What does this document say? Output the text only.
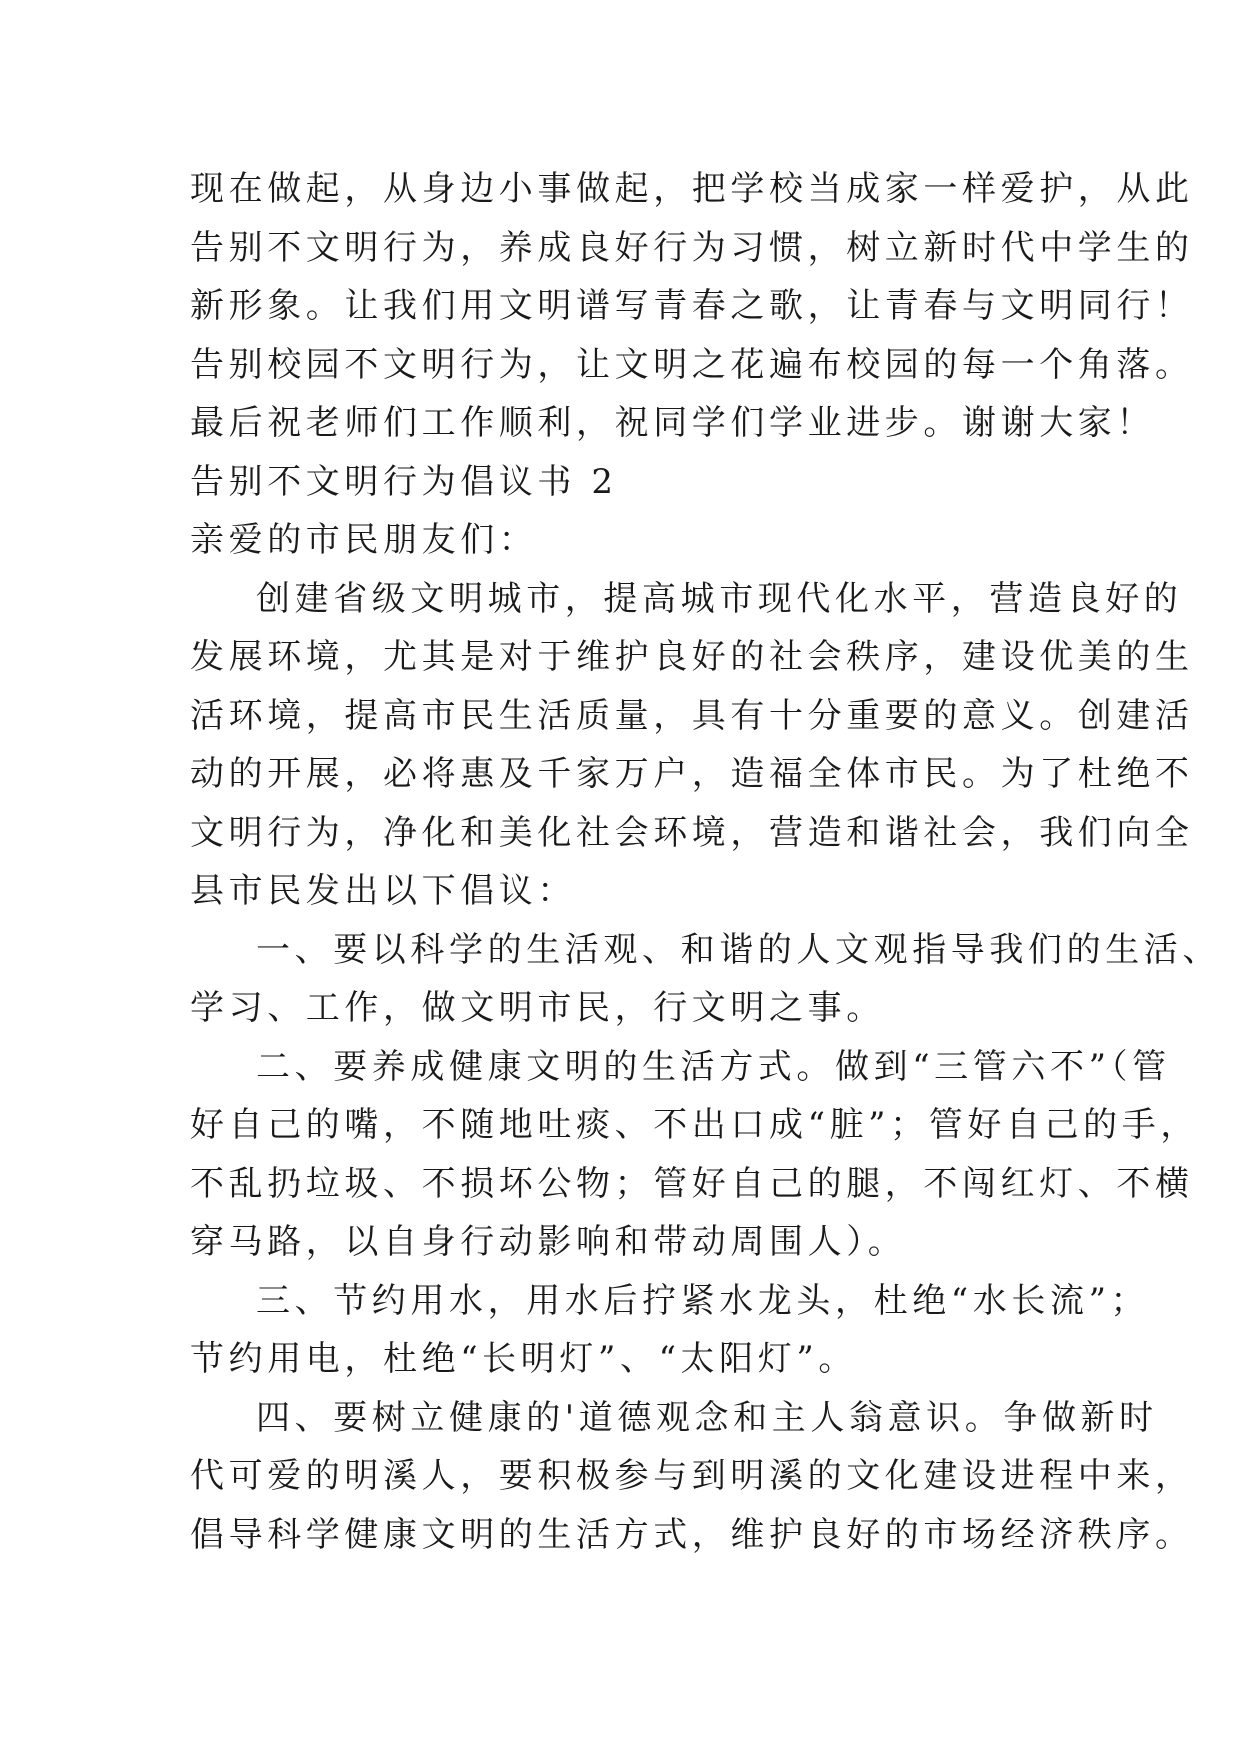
现在做起，从身边小事做起，把学校当成家一样爱护，从此
告别不文明行为，养成良好行为习惯，树立新时代中学生的
新形象。让我们用文明谱写青春之歌，让青春与文明同行！
告别校园不文明行为，让文明之花遍布校园的每一个角落。
最后祝老师们工作顺利，祝同学们学业进步。谢谢大家！
告别不文明行为倡议书 2
亲爱的市民朋友们：
创建省级文明城市，提高城市现代化水平，营造良好的
发展环境，尤其是对于维护良好的社会秩序，建设优美的生
活环境，提高市民生活质量，具有十分重要的意义。创建活
动的开展，必将惠及千家万户，造福全体市民。为了杜绝不
文明行为，净化和美化社会环境，营造和谐社会，我们向全
县市民发出以下倡议：
一、要以科学的生活观、和谐的人文观指导我们的生活、
学习、工作，做文明市民，行文明之事。
二、要养成健康文明的生活方式。做到“三管六不”（管
好自己的嘴，不随地吐痰、不出口成“脏”；管好自己的手，
不乱扔垃圾、不损坏公物；管好自己的腿，不闯红灯、不横
穿马路，以自身行动影响和带动周围人）。
三、节约用水，用水后拧紧水龙头，杜绝“水长流”；
节约用电，杜绝“长明灯”、“太阳灯”。
四、要树立健康的'道德观念和主人翁意识。争做新时
代可爱的明溪人，要积极参与到明溪的文化建设进程中来，
倡导科学健康文明的生活方式，维护良好的市场经济秩序。
